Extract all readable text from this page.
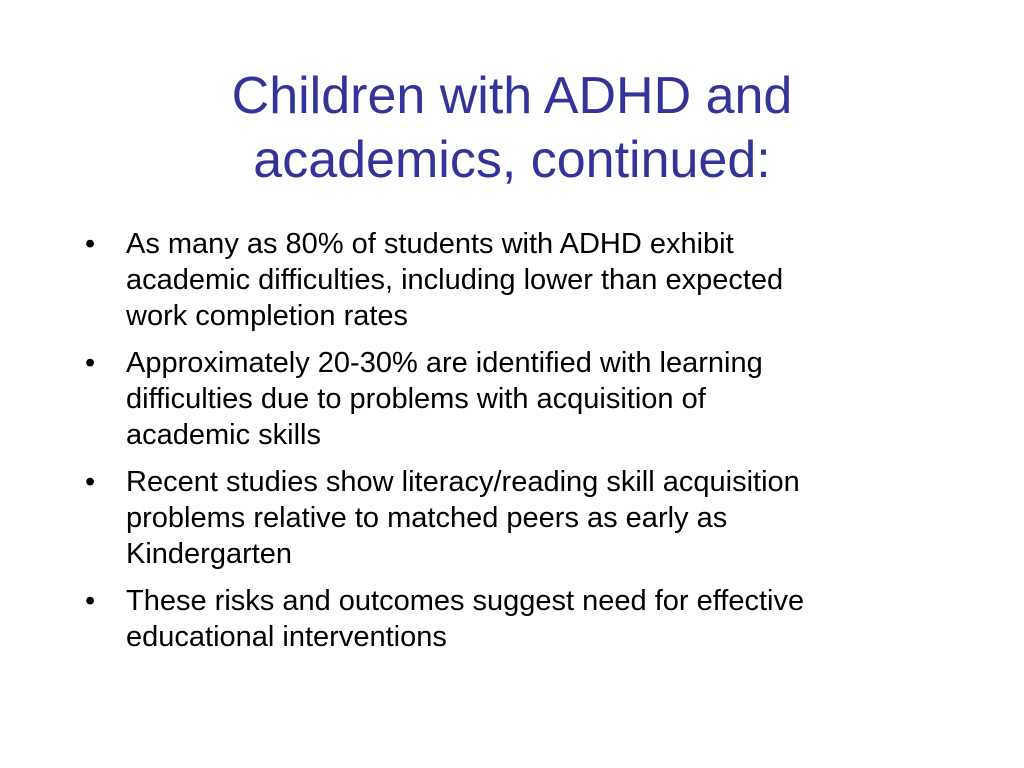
Children with ADHD and
academics, continued:
•	As many as 80% of students with ADHD exhibit
academic difficulties, including lower than expected
work completion rates
•	Approximately 20-30% are identified with learning
difficulties due to problems with acquisition of
academic skills
•	Recent studies show literacy/reading skill acquisition
problems relative to matched peers as early as
Kindergarten
•	These risks and outcomes suggest need for effective
educational interventions
